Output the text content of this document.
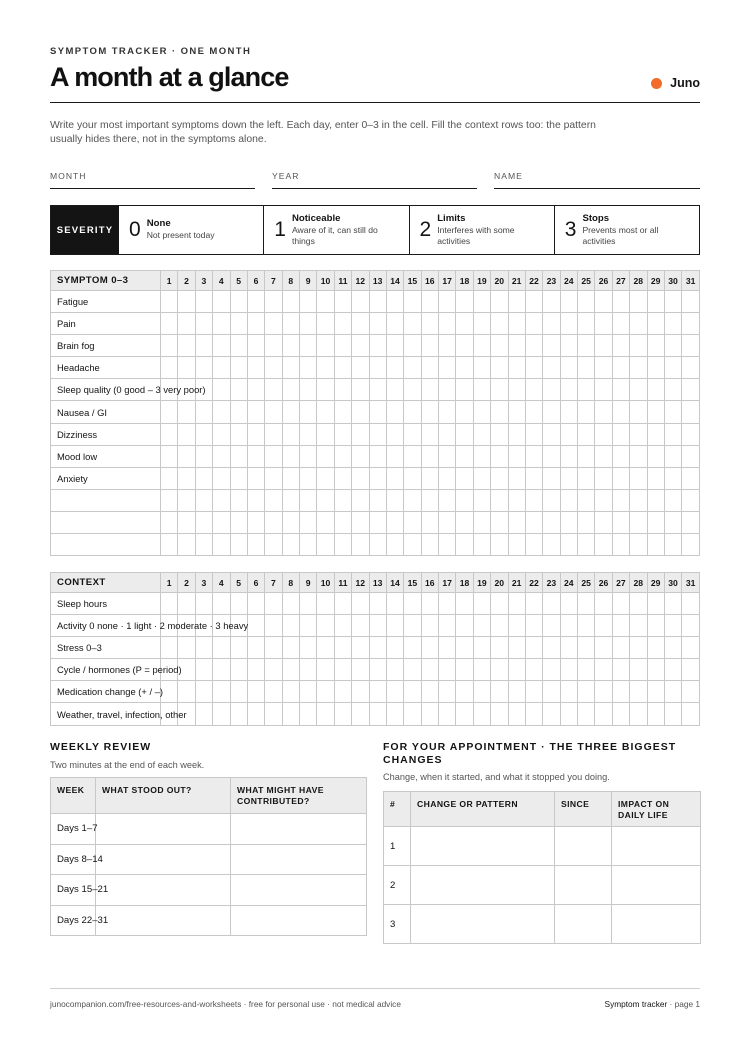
SYMPTOM TRACKER · ONE MONTH
A month at a glance	Juno
Write your most important symptoms down the left. Each day, enter 0–3 in the cell. Fill the context rows too: the pattern usually hides there, not in the symptoms alone.
MONTH	YEAR	NAME
SEVERITY 0 None
Not present today	1 Noticeable
Aware of it, can still do things	2 Limits
Interferes with some activities	3 Stops
Prevents most or all activities
SYMPTOM 0–3	1	2	3	4	5	6	7	8	9	10	11	12	13	14	15	16	17	18	19	20	21	22	23	24	25	26	27	28	29	30	31
Fatigue																															
Pain																															
Brain fog																															
Headache																															
Sleep quality (0 good – 3 very poor)																															
Nausea / GI																															
Dizziness																															
Mood low																															
Anxiety																															

CONTEXT	1	2	3	4	5	6	7	8	9	10	11	12	13	14	15	16	17	18	19	20	21	22	23	24	25	26	27	28	29	30	31
Sleep hours																															
Activity 0 none · 1 light · 2 moderate · 3 heavy																															
Stress 0–3																															
Cycle / hormones (P = period)																															
Medication change (+ / –)																															
Weather, travel, infection, other																															
WEEKLY REVIEW
Two minutes at the end of each week.
WEEK	WHAT STOOD OUT?	WHAT MIGHT HAVE CONTRIBUTED?
Days 1–7		
Days 8–14		
Days 15–21		
Days 22–31		
FOR YOUR APPOINTMENT · THE THREE BIGGEST CHANGES
Change, when it started, and what it stopped you doing.
#	CHANGE OR PATTERN	SINCE	IMPACT ON DAILY LIFE
1			
2			
3			
junocompanion.com/free-resources-and-worksheets · free for personal use · not medical advice	Symptom tracker · page 1
